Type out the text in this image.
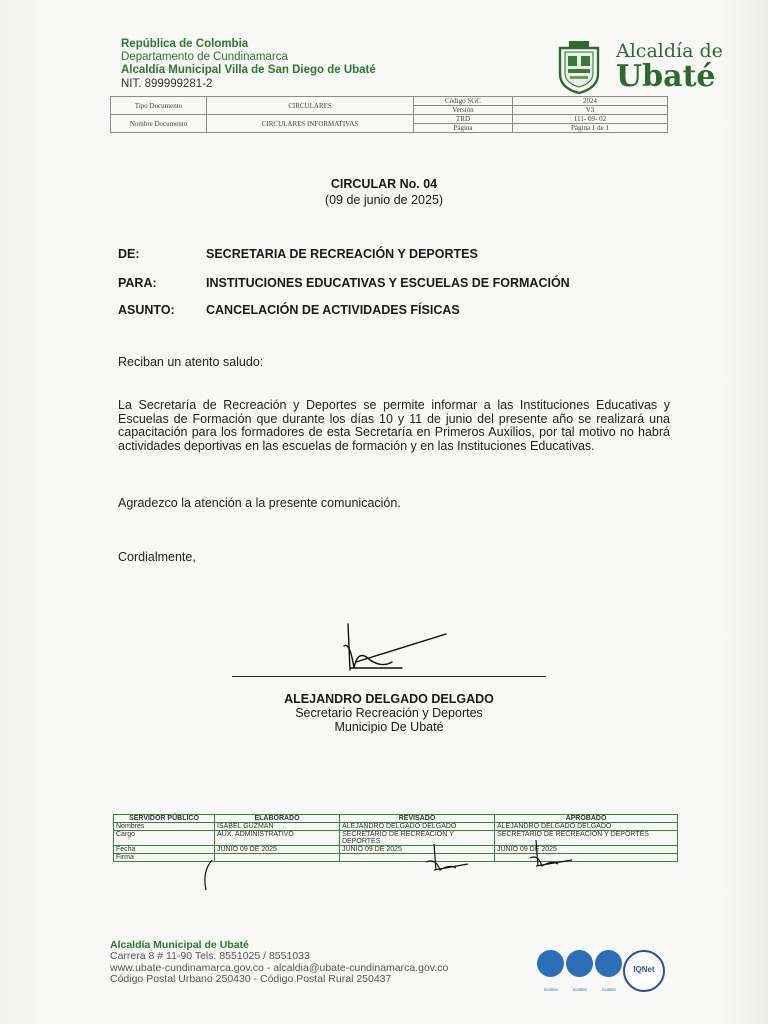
República de Colombia
Departamento de Cundinamarca
Alcaldía Municipal Villa de San Diego de Ubaté
NIT. 899999281-2
Alcaldía de
Ubaté
Tipo Documento	CIRCULARES	Código SGC	2024
		Versión	V3
Nombre Documento	CIRCULARES INFORMATIVAS	TRD	111- 09- 02
		Página	Página 1 de 1
CIRCULAR No. 04
(09 de junio de 2025)
DE:	SECRETARIA DE RECREACIÓN Y DEPORTES
PARA:	INSTITUCIONES EDUCATIVAS Y ESCUELAS DE FORMACIÓN
ASUNTO:	CANCELACIÓN DE ACTIVIDADES FÍSICAS
Reciban un atento saludo:
La Secretaría de Recreación y Deportes se permite informar a las Instituciones Educativas y Escuelas de Formación que durante los días 10 y 11 de junio del presente año se realizará una capacitación para los formadores de esta Secretaría en Primeros Auxilios, por tal motivo no habrá actividades deportivas en las escuelas de formación y en las Instituciones Educativas.
Agradezco la atención a la presente comunicación.
Cordialmente,
ALEJANDRO DELGADO DELGADO
Secretario Recreación y Deportes
Municipio De Ubaté
SERVIDOR PÚBLICO	ELABORADO	REVISADO	APROBADO
Nombres	ISABEL GUZMAN	ALEJANDRO DELGADO DELGADO	ALEJANDRO DELGADO DELGADO
Cargo	AUX. ADMINISTRATIVO	SECRETARIO DE RECREACION Y DEPORTES	SECRETARIO DE RECREACION Y DEPORTES
Fecha	JUNIO 09 DE 2025	JUNIO 09 DE 2025	JUNIO 09 DE 2025
Firma			
Alcaldía Municipal de Ubaté
Carrera 8 # 11-90 Tels. 8551025 / 8551033
www.ubate-cundinamarca.gov.co - alcaldia@ubate-cundinamarca.gov.co
Código Postal Urbano 250430 - Código Postal Rural 250437
icontec	icontec	icontec
IQNet
